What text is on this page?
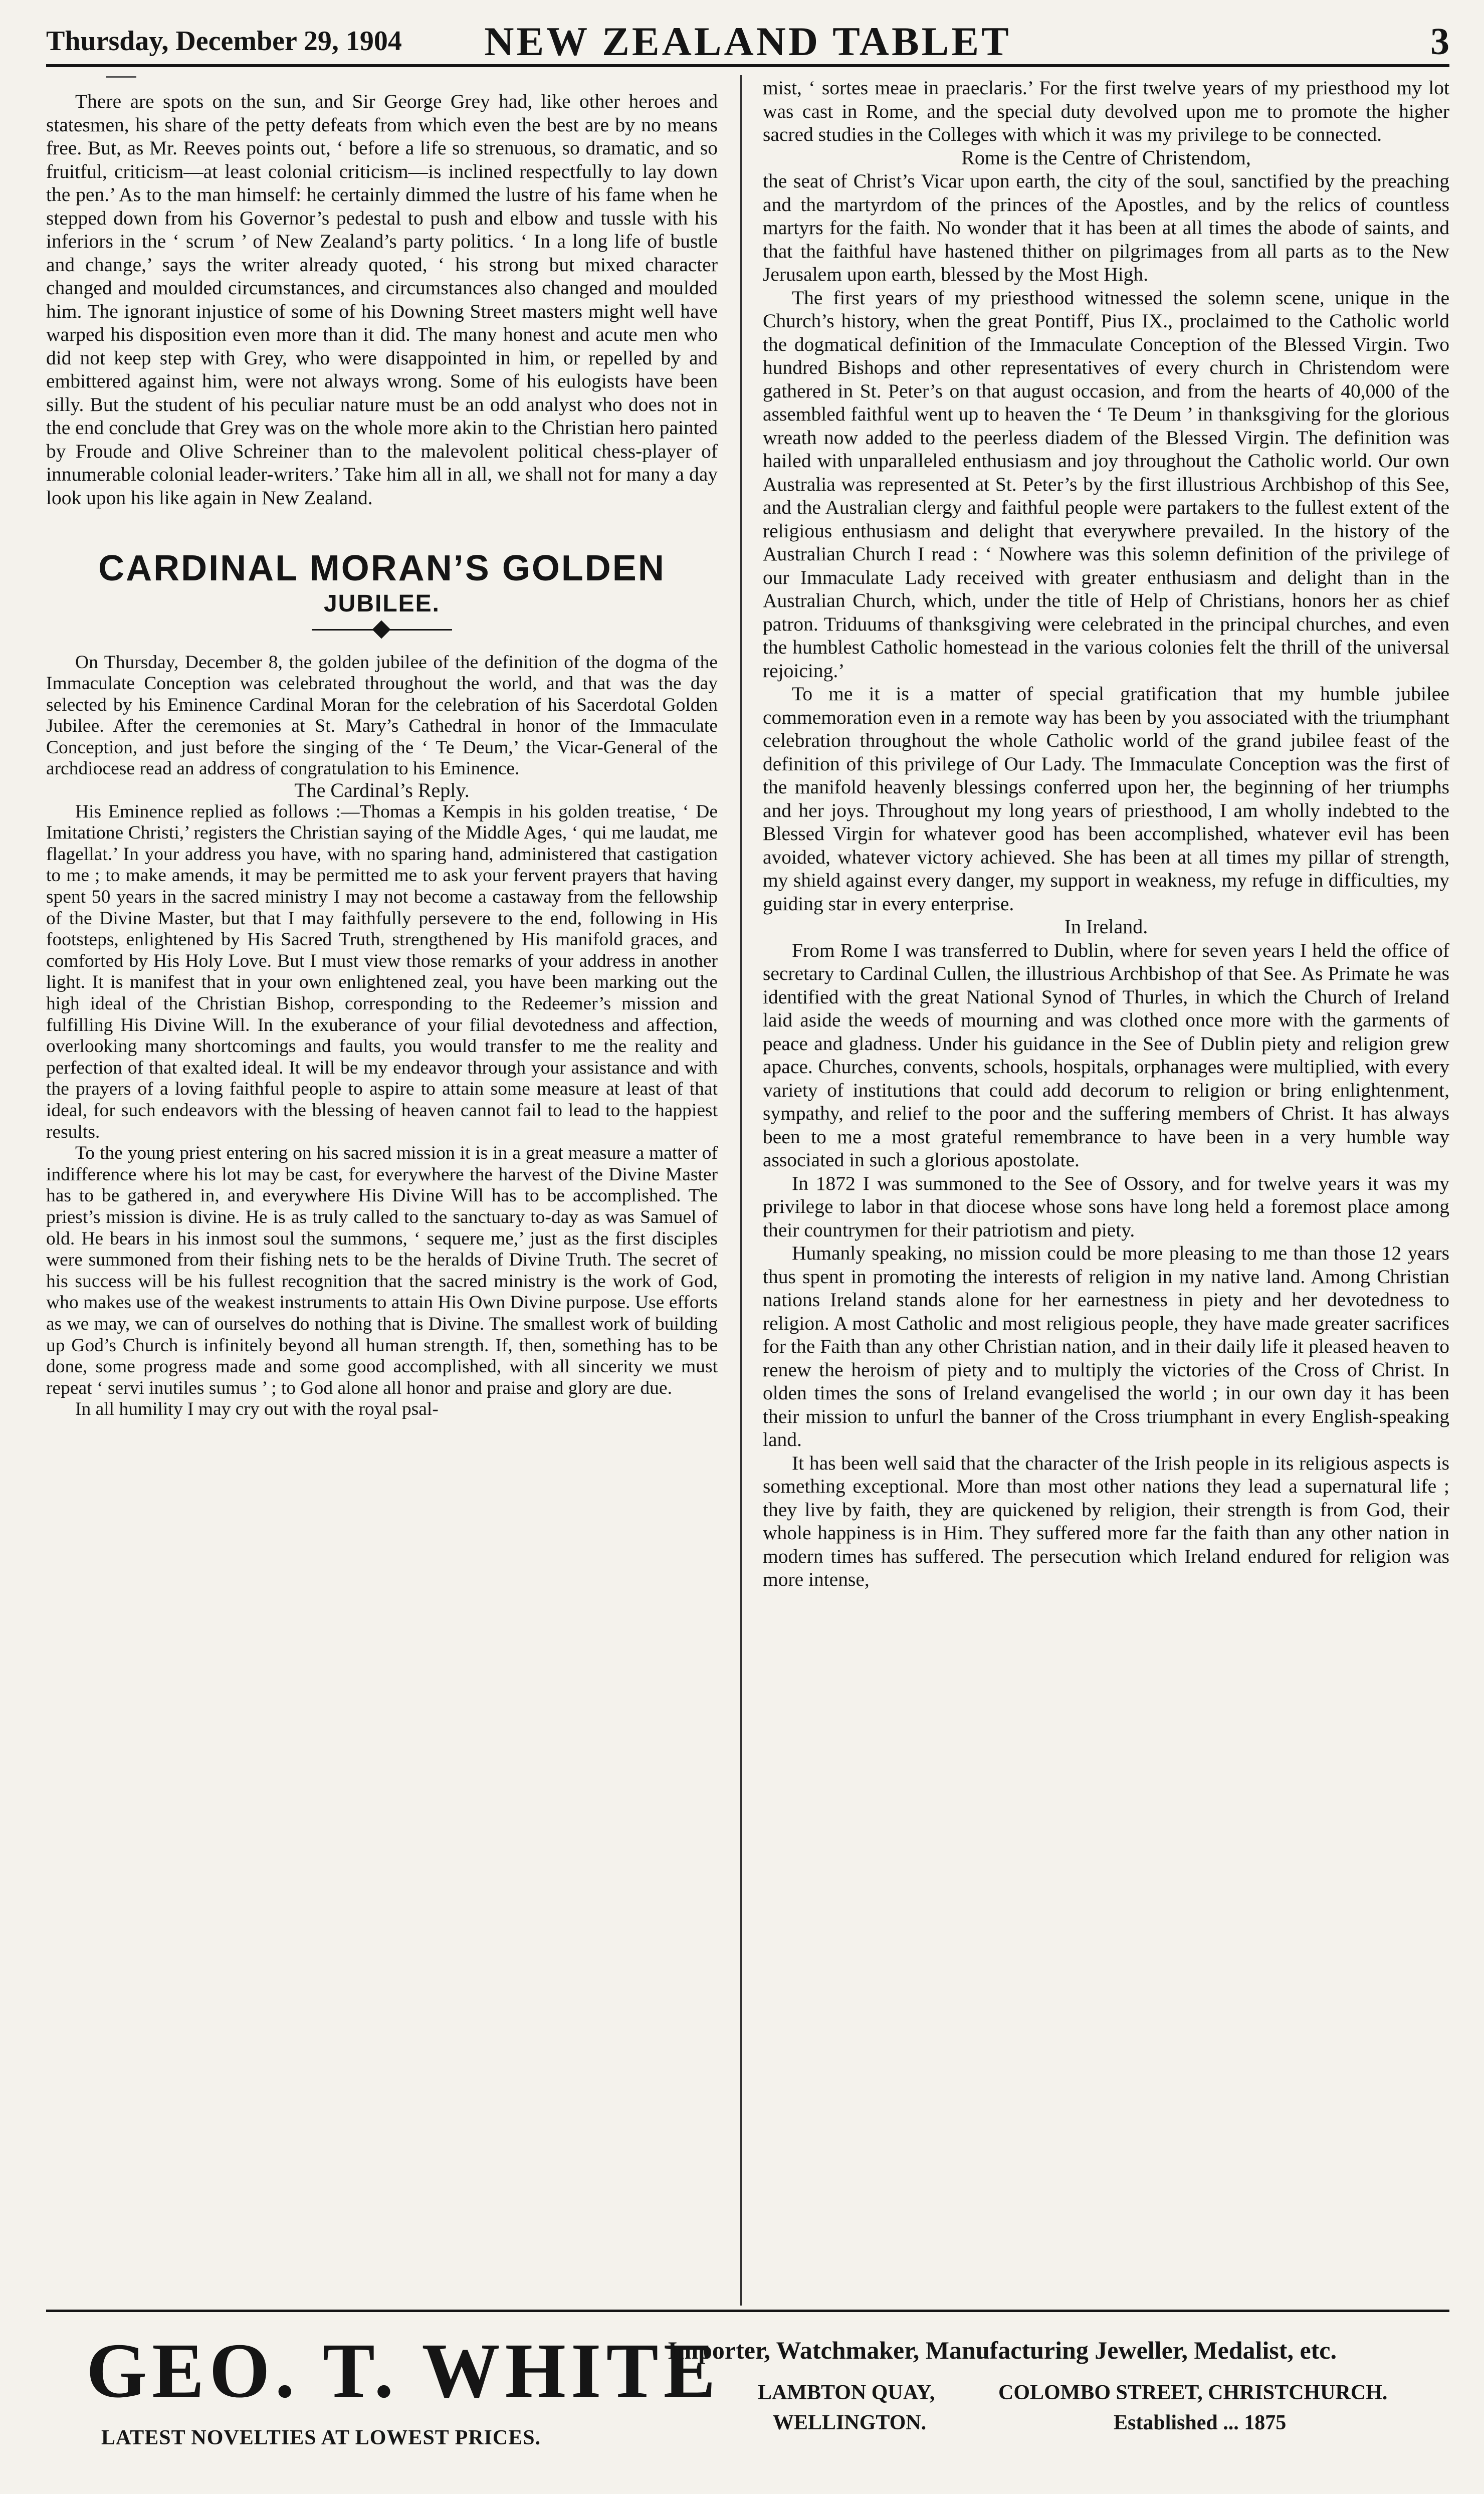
Thursday, December 29, 1904	NEW ZEALAND TABLET	3

There are spots on the sun, and Sir George Grey had, like other heroes and statesmen, his share of the petty defeats from which even the best are by no means free. But, as Mr. Reeves points out, ‘ before a life so strenuous, so dramatic, and so fruitful, criticism—at least colonial criticism—is inclined respectfully to lay down the pen.’ As to the man himself: he certainly dimmed the lustre of his fame when he stepped down from his Governor’s pedestal to push and elbow and tussle with his inferiors in the ‘ scrum ’ of New Zealand’s party politics. ‘ In a long life of bustle and change,’ says the writer already quoted, ‘ his strong but mixed character changed and moulded circumstances, and circumstances also changed and moulded him. The ignorant injustice of some of his Downing Street masters might well have warped his disposition even more than it did. The many honest and acute men who did not keep step with Grey, who were disappointed in him, or repelled by and embittered against him, were not always wrong. Some of his eulogists have been silly. But the student of his peculiar nature must be an odd analyst who does not in the end conclude that Grey was on the whole more akin to the Christian hero painted by Froude and Olive Schreiner than to the malevolent political chess-player of innumerable colonial leader-writers.’ Take him all in all, we shall not for many a day look upon his like again in New Zealand.

CARDINAL MORAN’S GOLDEN
JUBILEE.

On Thursday, December 8, the golden jubilee of the definition of the dogma of the Immaculate Conception was celebrated throughout the world, and that was the day selected by his Eminence Cardinal Moran for the celebration of his Sacerdotal Golden Jubilee. After the ceremonies at St. Mary’s Cathedral in honor of the Immaculate Conception, and just before the singing of the ‘ Te Deum,’ the Vicar-General of the archdiocese read an address of congratulation to his Eminence.

The Cardinal’s Reply.

His Eminence replied as follows :—Thomas a Kempis in his golden treatise, ‘ De Imitatione Christi,’ registers the Christian saying of the Middle Ages, ‘ qui me laudat, me flagellat.’ In your address you have, with no sparing hand, administered that castigation to me ; to make amends, it may be permitted me to ask your fervent prayers that having spent 50 years in the sacred ministry I may not become a castaway from the fellowship of the Divine Master, but that I may faithfully persevere to the end, following in His footsteps, enlightened by His Sacred Truth, strengthened by His manifold graces, and comforted by His Holy Love. But I must view those remarks of your address in another light. It is manifest that in your own enlightened zeal, you have been marking out the high ideal of the Christian Bishop, corresponding to the Redeemer’s mission and fulfilling His Divine Will. In the exuberance of your filial devotedness and affection, overlooking many shortcomings and faults, you would transfer to me the reality and perfection of that exalted ideal. It will be my endeavor through your assistance and with the prayers of a loving faithful people to aspire to attain some measure at least of that ideal, for such endeavors with the blessing of heaven cannot fail to lead to the happiest results.

To the young priest entering on his sacred mission it is in a great measure a matter of indifference where his lot may be cast, for everywhere the harvest of the Divine Master has to be gathered in, and everywhere His Divine Will has to be accomplished. The priest’s mission is divine. He is as truly called to the sanctuary to-day as was Samuel of old. He bears in his inmost soul the summons, ‘ sequere me,’ just as the first disciples were summoned from their fishing nets to be the heralds of Divine Truth. The secret of his success will be his fullest recognition that the sacred ministry is the work of God, who makes use of the weakest instruments to attain His Own Divine purpose. Use efforts as we may, we can of ourselves do nothing that is Divine. The smallest work of building up God’s Church is infinitely beyond all human strength. If, then, something has to be done, some progress made and some good accomplished, with all sincerity we must repeat ‘ servi inutiles sumus ’ ; to God alone all honor and praise and glory are due.

In all humility I may cry out with the royal psal-

mist, ‘ sortes meae in praeclaris.’ For the first twelve years of my priesthood my lot was cast in Rome, and the special duty devolved upon me to promote the higher sacred studies in the Colleges with which it was my privilege to be connected.

Rome is the Centre of Christendom,

the seat of Christ’s Vicar upon earth, the city of the soul, sanctified by the preaching and the martyrdom of the princes of the Apostles, and by the relics of countless martyrs for the faith. No wonder that it has been at all times the abode of saints, and that the faithful have hastened thither on pilgrimages from all parts as to the New Jerusalem upon earth, blessed by the Most High.

The first years of my priesthood witnessed the solemn scene, unique in the Church’s history, when the great Pontiff, Pius IX., proclaimed to the Catholic world the dogmatical definition of the Immaculate Conception of the Blessed Virgin. Two hundred Bishops and other representatives of every church in Christendom were gathered in St. Peter’s on that august occasion, and from the hearts of 40,000 of the assembled faithful went up to heaven the ‘ Te Deum ’ in thanksgiving for the glorious wreath now added to the peerless diadem of the Blessed Virgin. The definition was hailed with unparalleled enthusiasm and joy throughout the Catholic world. Our own Australia was represented at St. Peter’s by the first illustrious Archbishop of this See, and the Australian clergy and faithful people were partakers to the fullest extent of the religious enthusiasm and delight that everywhere prevailed. In the history of the Australian Church I read : ‘ Nowhere was this solemn definition of the privilege of our Immaculate Lady received with greater enthusiasm and delight than in the Australian Church, which, under the title of Help of Christians, honors her as chief patron. Triduums of thanksgiving were celebrated in the principal churches, and even the humblest Catholic homestead in the various colonies felt the thrill of the universal rejoicing.’

To me it is a matter of special gratification that my humble jubilee commemoration even in a remote way has been by you associated with the triumphant celebration throughout the whole Catholic world of the grand jubilee feast of the definition of this privilege of Our Lady. The Immaculate Conception was the first of the manifold heavenly blessings conferred upon her, the beginning of her triumphs and her joys. Throughout my long years of priesthood, I am wholly indebted to the Blessed Virgin for whatever good has been accomplished, whatever evil has been avoided, whatever victory achieved. She has been at all times my pillar of strength, my shield against every danger, my support in weakness, my refuge in difficulties, my guiding star in every enterprise.

In Ireland.

From Rome I was transferred to Dublin, where for seven years I held the office of secretary to Cardinal Cullen, the illustrious Archbishop of that See. As Primate he was identified with the great National Synod of Thurles, in which the Church of Ireland laid aside the weeds of mourning and was clothed once more with the garments of peace and gladness. Under his guidance in the See of Dublin piety and religion grew apace. Churches, convents, schools, hospitals, orphanages were multiplied, with every variety of institutions that could add decorum to religion or bring enlightenment, sympathy, and relief to the poor and the suffering members of Christ. It has always been to me a most grateful remembrance to have been in a very humble way associated in such a glorious apostolate.

In 1872 I was summoned to the See of Ossory, and for twelve years it was my privilege to labor in that diocese whose sons have long held a foremost place among their countrymen for their patriotism and piety.

Humanly speaking, no mission could be more pleasing to me than those 12 years thus spent in promoting the interests of religion in my native land. Among Christian nations Ireland stands alone for her earnestness in piety and her devotedness to religion. A most Catholic and most religious people, they have made greater sacrifices for the Faith than any other Christian nation, and in their daily life it pleased heaven to renew the heroism of piety and to multiply the victories of the Cross of Christ. In olden times the sons of Ireland evangelised the world ; in our own day it has been their mission to unfurl the banner of the Cross triumphant in every English-speaking land.

It has been well said that the character of the Irish people in its religious aspects is something exceptional. More than most other nations they lead a supernatural life ; they live by faith, they are quickened by religion, their strength is from God, their whole happiness is in Him. They suffered more far the faith than any other nation in modern times has suffered. The persecution which Ireland endured for religion was more intense,

GEO. T. WHITE
LATEST NOVELTIES AT LOWEST PRICES.
Importer, Watchmaker, Manufacturing Jeweller, Medalist, etc.
LAMBTON QUAY,	COLOMBO STREET, CHRISTCHURCH.
WELLINGTON.	Established ... 1875
